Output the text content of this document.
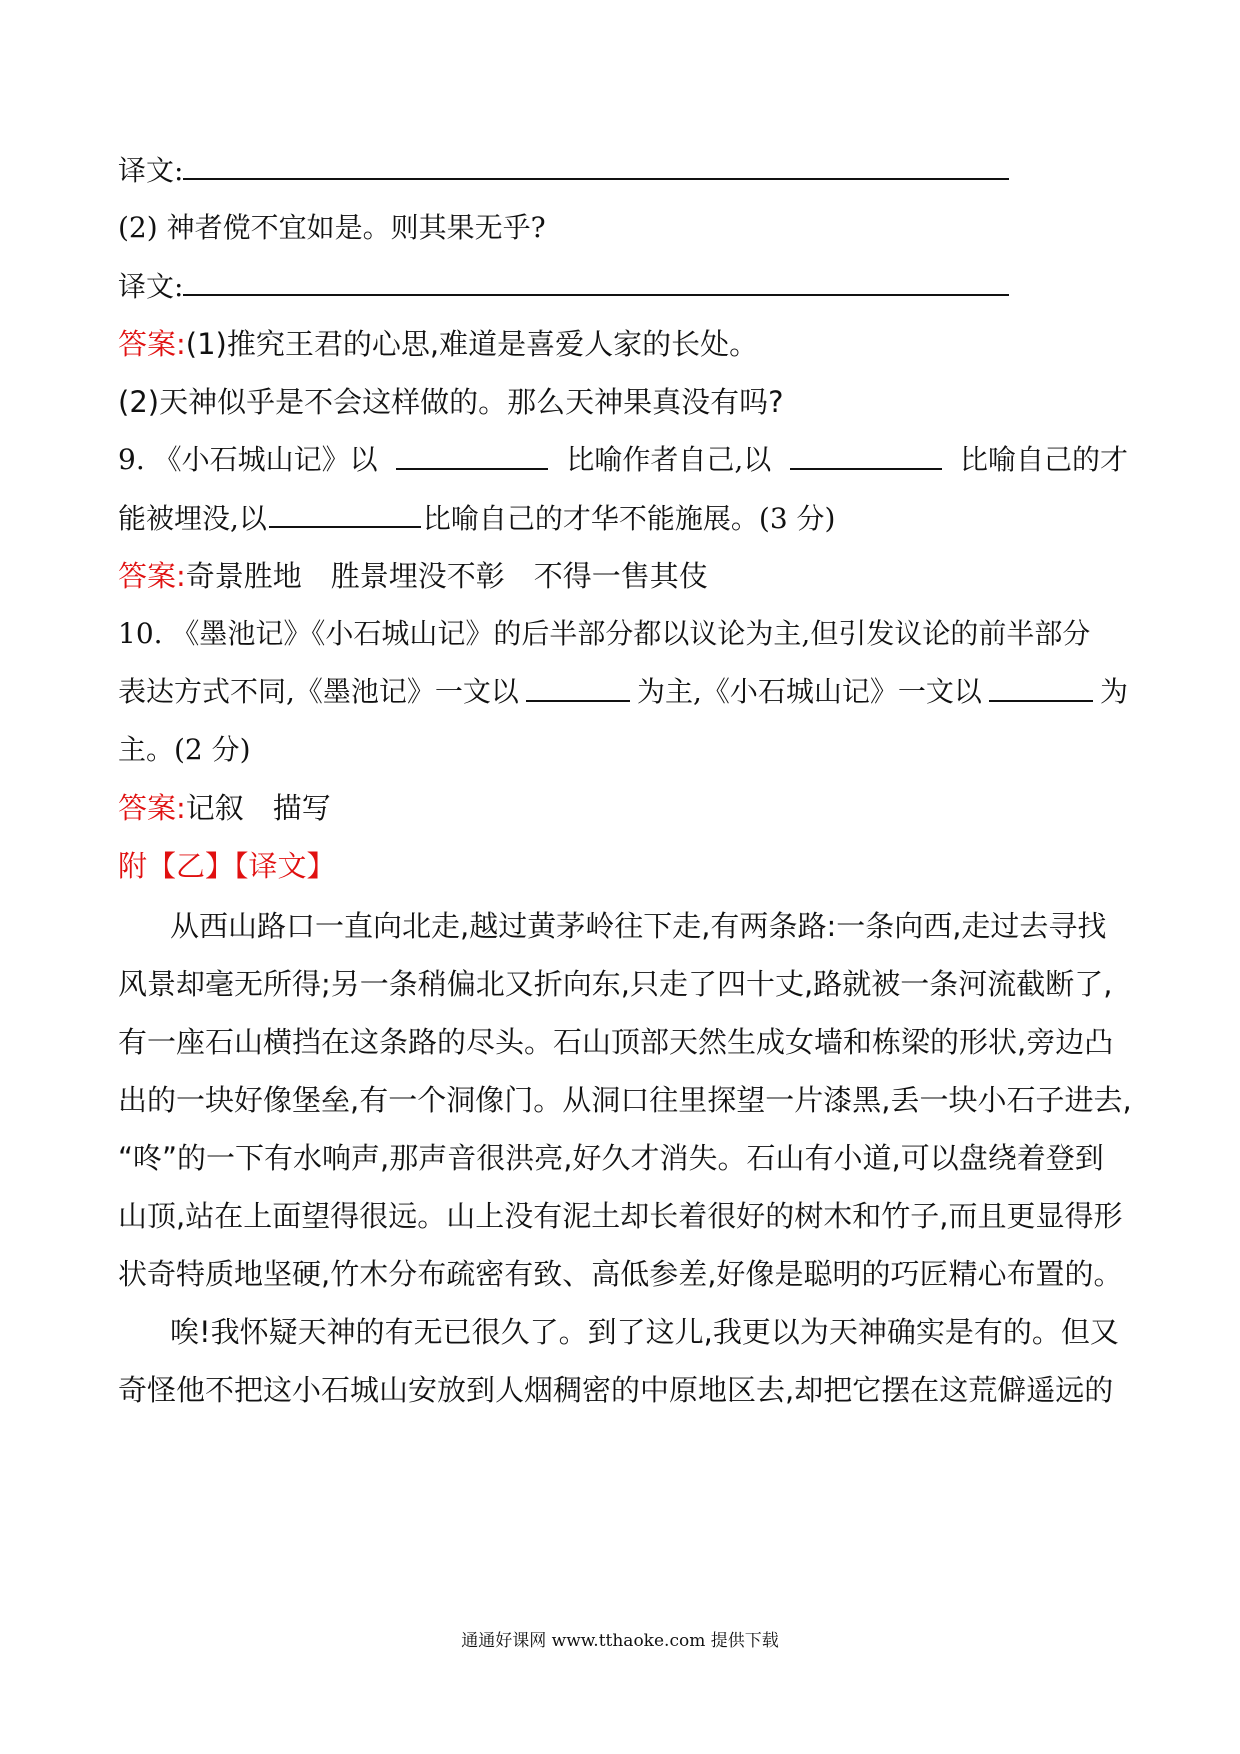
译文:
(2) 神者傥不宜如是。则其果无乎?
译文:
答案:(1)推究王君的心思,难道是喜爱人家的长处。
(2)天神似乎是不会这样做的。那么天神果真没有吗?
9. 《小石城山记》以	比喻作者自己,以	比喻自己的才
能被埋没,以	比喻自己的才华不能施展。(3 分)
答案:奇景胜地　胜景埋没不彰　不得一售其伎
10. 《墨池记》《小石城山记》的后半部分都以议论为主,但引发议论的前半部分
表达方式不同,《墨池记》一文以	为主,《小石城山记》一文以	为
主。(2 分)
答案:记叙　描写
附【乙】【译文】
从西山路口一直向北走,越过黄茅岭往下走,有两条路:一条向西,走过去寻找
风景却毫无所得;另一条稍偏北又折向东,只走了四十丈,路就被一条河流截断了,
有一座石山横挡在这条路的尽头。石山顶部天然生成女墙和栋梁的形状,旁边凸
出的一块好像堡垒,有一个洞像门。从洞口往里探望一片漆黑,丢一块小石子进去,
“咚”的一下有水响声,那声音很洪亮,好久才消失。石山有小道,可以盘绕着登到
山顶,站在上面望得很远。山上没有泥土却长着很好的树木和竹子,而且更显得形
状奇特质地坚硬,竹木分布疏密有致、高低参差,好像是聪明的巧匠精心布置的。
唉!我怀疑天神的有无已很久了。到了这儿,我更以为天神确实是有的。但又
奇怪他不把这小石城山安放到人烟稠密的中原地区去,却把它摆在这荒僻遥远的
通通好课网 www.tthaoke.com 提供下载
